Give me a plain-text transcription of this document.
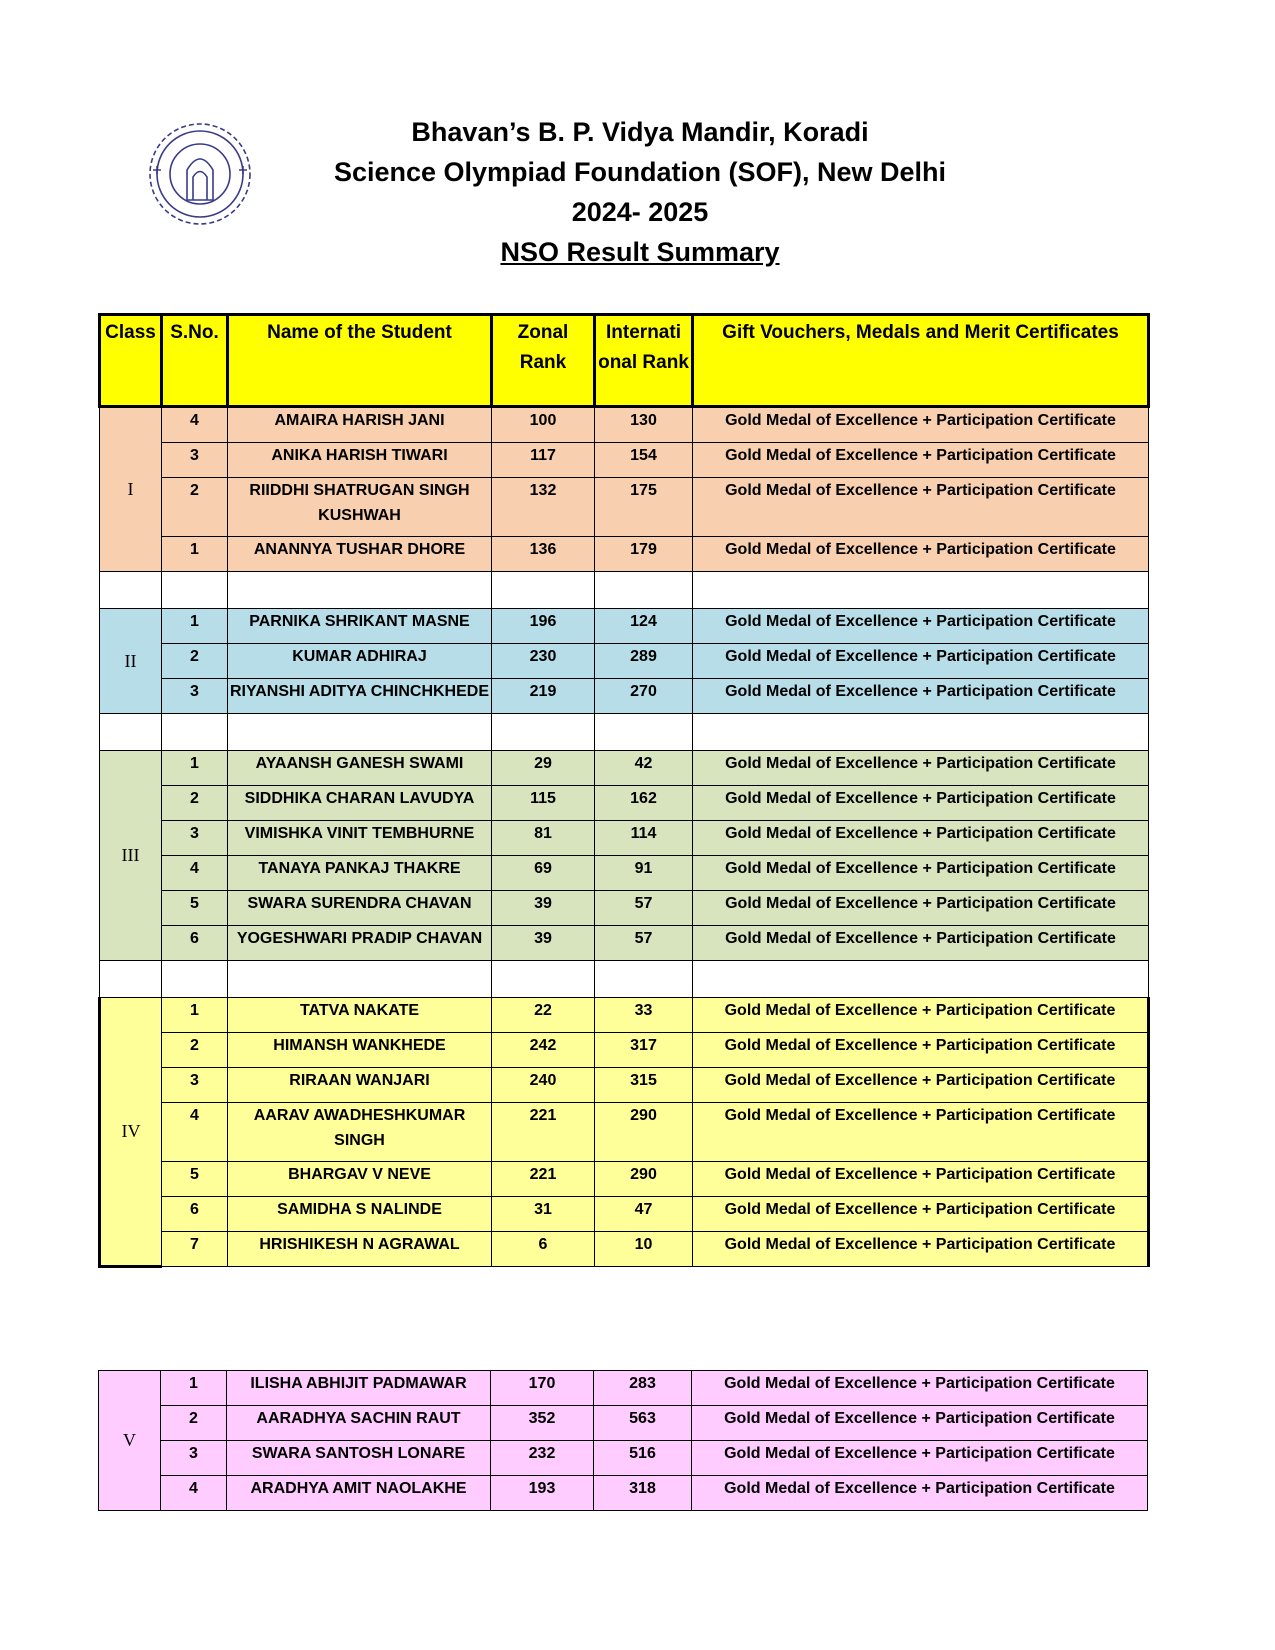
Bhavan’s B. P. Vidya Mandir, Koradi
Science Olympiad Foundation (SOF), New Delhi
2024- 2025
NSO Result Summary
Class	S.No.	Name of the Student	Zonal Rank	Internati onal Rank	Gift Vouchers, Medals and Merit Certificates
I	4	AMAIRA HARISH JANI	100	130	Gold Medal of Excellence + Participation Certificate
	3	ANIKA HARISH TIWARI	117	154	Gold Medal of Excellence + Participation Certificate
	2	RIIDDHI SHATRUGAN SINGH KUSHWAH	132	175	Gold Medal of Excellence + Participation Certificate
	1	ANANNYA TUSHAR DHORE	136	179	Gold Medal of Excellence + Participation Certificate

II	1	PARNIKA SHRIKANT MASNE	196	124	Gold Medal of Excellence + Participation Certificate
	2	KUMAR ADHIRAJ	230	289	Gold Medal of Excellence + Participation Certificate
	3	RIYANSHI ADITYA CHINCHKHEDE	219	270	Gold Medal of Excellence + Participation Certificate

III	1	AYAANSH GANESH SWAMI	29	42	Gold Medal of Excellence + Participation Certificate
	2	SIDDHIKA CHARAN LAVUDYA	115	162	Gold Medal of Excellence + Participation Certificate
	3	VIMISHKA VINIT TEMBHURNE	81	114	Gold Medal of Excellence + Participation Certificate
	4	TANAYA PANKAJ THAKRE	69	91	Gold Medal of Excellence + Participation Certificate
	5	SWARA SURENDRA CHAVAN	39	57	Gold Medal of Excellence + Participation Certificate
	6	YOGESHWARI PRADIP CHAVAN	39	57	Gold Medal of Excellence + Participation Certificate

IV	1	TATVA NAKATE	22	33	Gold Medal of Excellence + Participation Certificate
	2	HIMANSH WANKHEDE	242	317	Gold Medal of Excellence + Participation Certificate
	3	RIRAAN WANJARI	240	315	Gold Medal of Excellence + Participation Certificate
	4	AARAV AWADHESHKUMAR SINGH	221	290	Gold Medal of Excellence + Participation Certificate
	5	BHARGAV V NEVE	221	290	Gold Medal of Excellence + Participation Certificate
	6	SAMIDHA S NALINDE	31	47	Gold Medal of Excellence + Participation Certificate
	7	HRISHIKESH N AGRAWAL	6	10	Gold Medal of Excellence + Participation Certificate
V	1	ILISHA ABHIJIT PADMAWAR	170	283	Gold Medal of Excellence + Participation Certificate
	2	AARADHYA SACHIN RAUT	352	563	Gold Medal of Excellence + Participation Certificate
	3	SWARA SANTOSH LONARE	232	516	Gold Medal of Excellence + Participation Certificate
	4	ARADHYA AMIT NAOLAKHE	193	318	Gold Medal of Excellence + Participation Certificate
